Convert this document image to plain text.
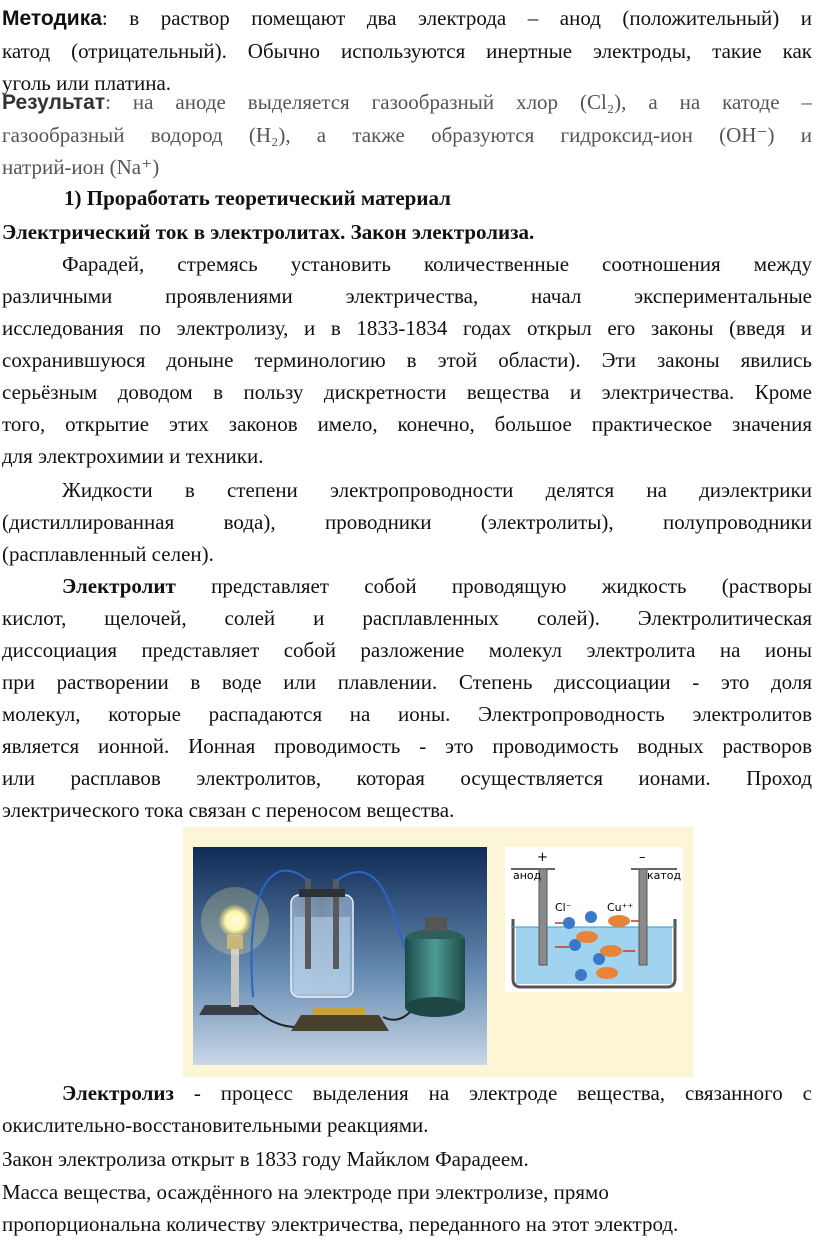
Методика: в раствор помещают два электрода – анод (положительный) и
катод (отрицательный). Обычно используются инертные электроды, такие как
уголь или платина.
Результат: на аноде выделяется газообразный хлор (Cl₂), а на катоде –
газообразный водород (H₂), а также образуются гидроксид-ион (OH⁻) и
натрий-ион (Na⁺)
1) Проработать теоретический материал
Электрический ток в электролитах. Закон электролиза.
Фарадей, стремясь установить количественные соотношения между
различными проявлениями электричества, начал экспериментальные
исследования по электролизу, и в 1833-1834 годах открыл его законы (введя и
сохранившуюся доныне терминологию в этой области). Эти законы явились
серьёзным доводом в пользу дискретности вещества и электричества. Кроме
того, открытие этих законов имело, конечно, большое практическое значения
для электрохимии и техники.
Жидкости в степени электропроводности делятся на диэлектрики
(дистиллированная вода), проводники (электролиты), полупроводники
(расплавленный селен).
Электролит представляет собой проводящую жидкость (растворы
кислот, щелочей, солей и расплавленных солей). Электролитическая
диссоциация представляет собой разложение молекул электролита на ионы
при растворении в воде или плавлении. Степень диссоциации - это доля
молекул, которые распадаются на ионы. Электропроводность электролитов
является ионной. Ионная проводимость - это проводимость водных растворов
или расплавов электролитов, которая осуществляется ионами. Проход
электрического тока связан с переносом вещества.
+
анод
–
катод
Cl⁻	Cu⁺⁺
Электролиз - процесс выделения на электроде вещества, связанного с
окислительно-восстановительными реакциями.
Закон электролиза открыт в 1833 году Майклом Фарадеем.
Масса вещества, осаждённого на электроде при электролизе, прямо
пропорциональна количеству электричества, переданного на этот электрод.
